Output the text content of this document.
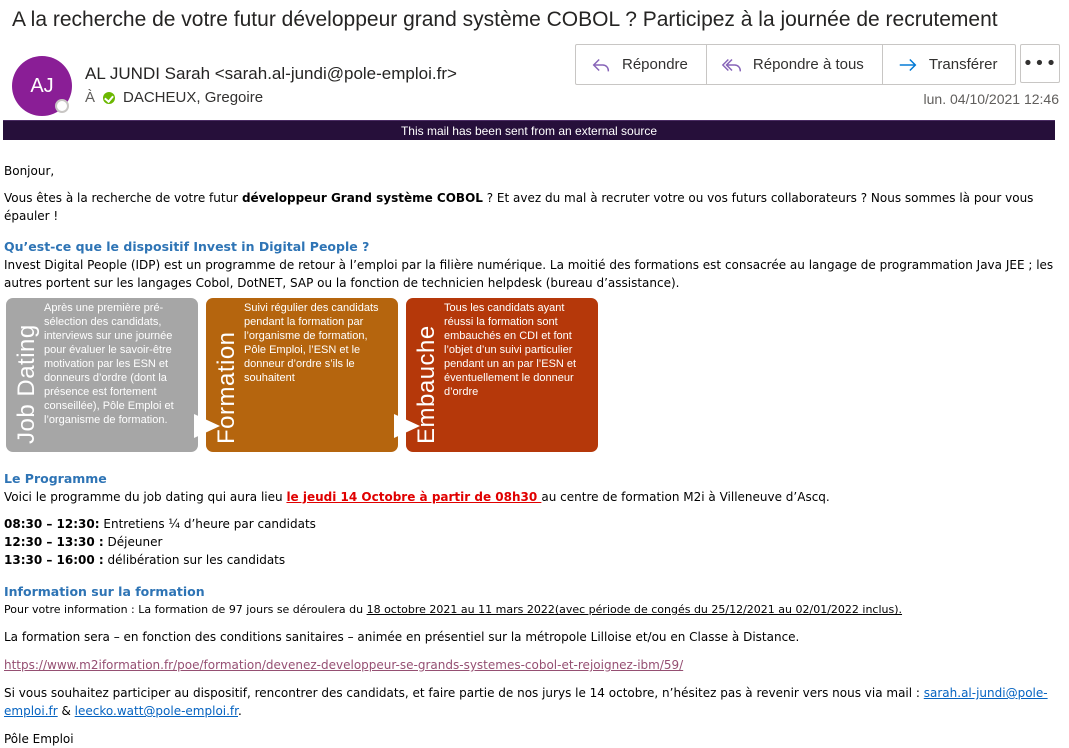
A la recherche de votre futur développeur grand système COBOL ? Participez à la journée de recrutement
AJ
AL JUNDI Sarah <sarah.al-jundi@pole-emploi.fr>
À DACHEUX, Gregoire	lun. 04/10/2021 12:46
Répondre	Répondre à tous	Transférer •••
This mail has been sent from an external source

Bonjour,

Vous êtes à la recherche de votre futur développeur Grand système COBOL ? Et avez du mal à recruter votre ou vos futurs collaborateurs ? Nous sommes là pour vous épauler !

Qu’est-ce que le dispositif Invest in Digital People ?

Invest Digital People (IDP) est un programme de retour à l’emploi par la filière numérique. La moitié des formations est consacrée au langage de programmation Java JEE ; les autres portent sur les langages Cobol, DotNET, SAP ou la fonction de technicien helpdesk (bureau d’assistance).

Job Dating
Après une première pré-sélection des candidats, interviews sur une journée pour évaluer le savoir-être motivation par les ESN et donneurs d’ordre (dont la présence est fortement conseillée), Pôle Emploi et l’organisme de formation.	Formation
Suivi régulier des candidats pendant la formation par l’organisme de formation, Pôle Emploi, l’ESN et le donneur d’ordre s’ils le souhaitent	Embauche
Tous les candidats ayant réussi la formation sont embauchés en CDI et font l’objet d’un suivi particulier pendant un an par l’ESN et éventuellement le donneur d’ordre

Le Programme

Voici le programme du job dating qui aura lieu le jeudi 14 Octobre à partir de 08h30 au centre de formation M2i à Villeneuve d’Ascq.

08:30 – 12:30: Entretiens ¼ d’heure par candidats

12:30 – 13:30 : Déjeuner

13:30 – 16:00 : délibération sur les candidats

Information sur la formation

Pour votre information : La formation de 97 jours se déroulera du 18 octobre 2021 au 11 mars 2022(avec période de congés du 25/12/2021 au 02/01/2022 inclus).

La formation sera – en fonction des conditions sanitaires – animée en présentiel sur la métropole Lilloise et/ou en Classe à Distance.

https://www.m2iformation.fr/poe/formation/devenez-developpeur-se-grands-systemes-cobol-et-rejoignez-ibm/59/

Si vous souhaitez participer au dispositif, rencontrer des candidats, et faire partie de nos jurys le 14 octobre, n’hésitez pas à revenir vers nous via mail : sarah.al-jundi@pole-emploi.fr & leecko.watt@pole-emploi.fr.

Pôle Emploi
